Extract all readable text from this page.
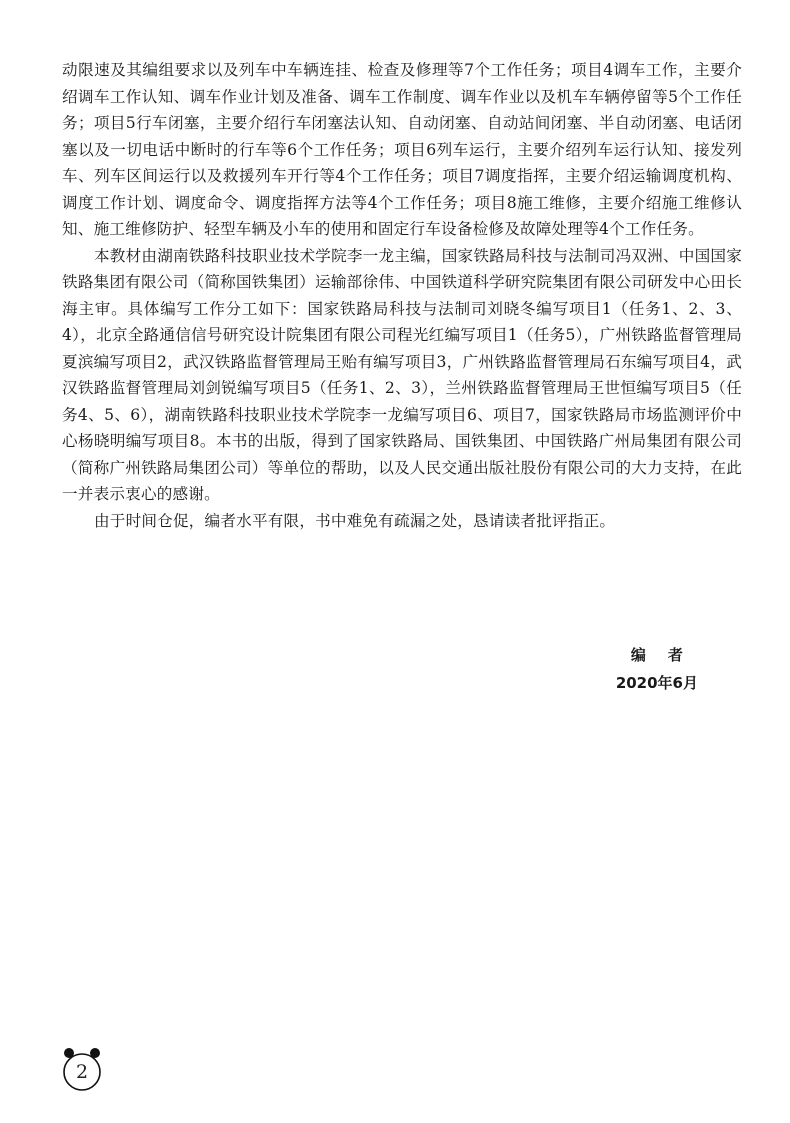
动限速及其编组要求以及列车中车辆连挂、检查及修理等7个工作任务；项目4调车工作，主要介绍调车工作认知、调车作业计划及准备、调车工作制度、调车作业以及机车车辆停留等5个工作任务；项目5行车闭塞，主要介绍行车闭塞法认知、自动闭塞、自动站间闭塞、半自动闭塞、电话闭塞以及一切电话中断时的行车等6个工作任务；项目6列车运行，主要介绍列车运行认知、接发列车、列车区间运行以及救援列车开行等4个工作任务；项目7调度指挥，主要介绍运输调度机构、调度工作计划、调度命令、调度指挥方法等4个工作任务；项目8施工维修，主要介绍施工维修认知、施工维修防护、轻型车辆及小车的使用和固定行车设备检修及故障处理等4个工作任务。

本教材由湖南铁路科技职业技术学院李一龙主编，国家铁路局科技与法制司冯双洲、中国国家铁路集团有限公司（简称国铁集团）运输部徐伟、中国铁道科学研究院集团有限公司研发中心田长海主审。具体编写工作分工如下：国家铁路局科技与法制司刘晓冬编写项目1（任务1、2、3、4），北京全路通信信号研究设计院集团有限公司程光红编写项目1（任务5），广州铁路监督管理局夏滨编写项目2，武汉铁路监督管理局王贻有编写项目3，广州铁路监督管理局石东编写项目4，武汉铁路监督管理局刘剑锐编写项目5（任务1、2、3），兰州铁路监督管理局王世恒编写项目5（任务4、5、6），湖南铁路科技职业技术学院李一龙编写项目6、项目7，国家铁路局市场监测评价中心杨晓明编写项目8。本书的出版，得到了国家铁路局、国铁集团、中国铁路广州局集团有限公司（简称广州铁路局集团公司）等单位的帮助，以及人民交通出版社股份有限公司的大力支持，在此一并表示衷心的感谢。

由于时间仓促，编者水平有限，书中难免有疏漏之处，恳请读者批评指正。

编者
2020年6月
2
